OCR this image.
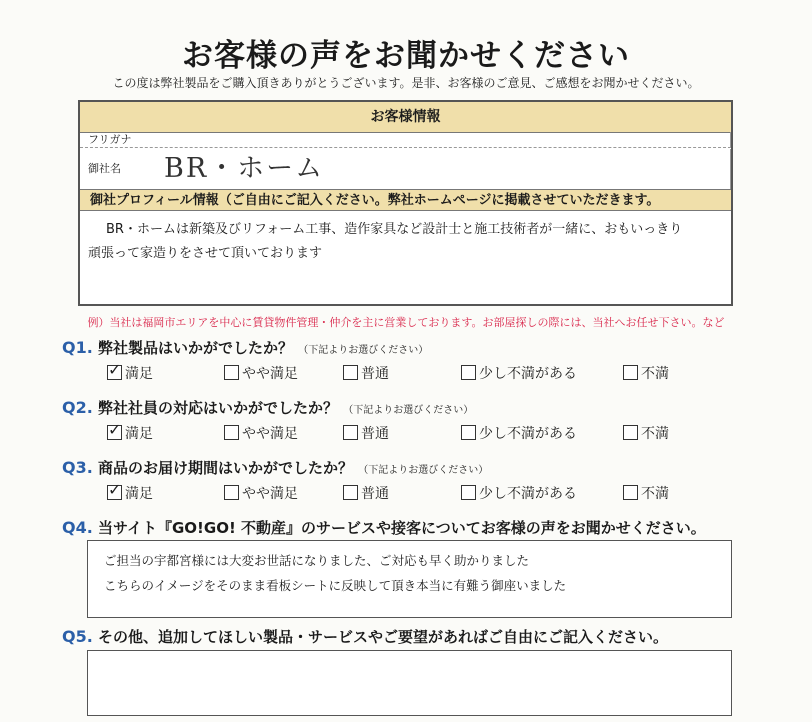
お客様の声をお聞かせください
この度は弊社製品をご購入頂きありがとうございます。是非、お客様のご意見、ご感想をお聞かせください。
お客様情報
フリガナ
御社名	BR・ホーム
御社プロフィール情報（ご自由にご記入ください。弊社ホームページに掲載させていただきます。
BR・ホームは新築及びリフォーム工事、造作家具など設計士と施工技術者が一緒に、おもいっきり頑張って家造りをさせて頂いております
例）当社は福岡市エリアを中心に賃貸物件管理・仲介を主に営業しております。お部屋探しの際には、当社へお任せ下さい。など
Q1. 弊社製品はいかがでしたか？ （下記よりお選びください）
✓満足	やや満足	普通	少し不満がある	不満
Q2. 弊社社員の対応はいかがでしたか？ （下記よりお選びください）
✓満足	やや満足	普通	少し不満がある	不満
Q3. 商品のお届け期間はいかがでしたか？ （下記よりお選びください）
✓満足	やや満足	普通	少し不満がある	不満
Q4. 当サイト『GO!GO! 不動産』のサービスや接客についてお客様の声をお聞かせください。
ご担当の宇都宮様には大変お世話になりました、ご対応も早く助かりました
こちらのイメージをそのまま看板シートに反映して頂き本当に有難う御座いました
Q5. その他、追加してほしい製品・サービスやご要望があればご自由にご記入ください。
